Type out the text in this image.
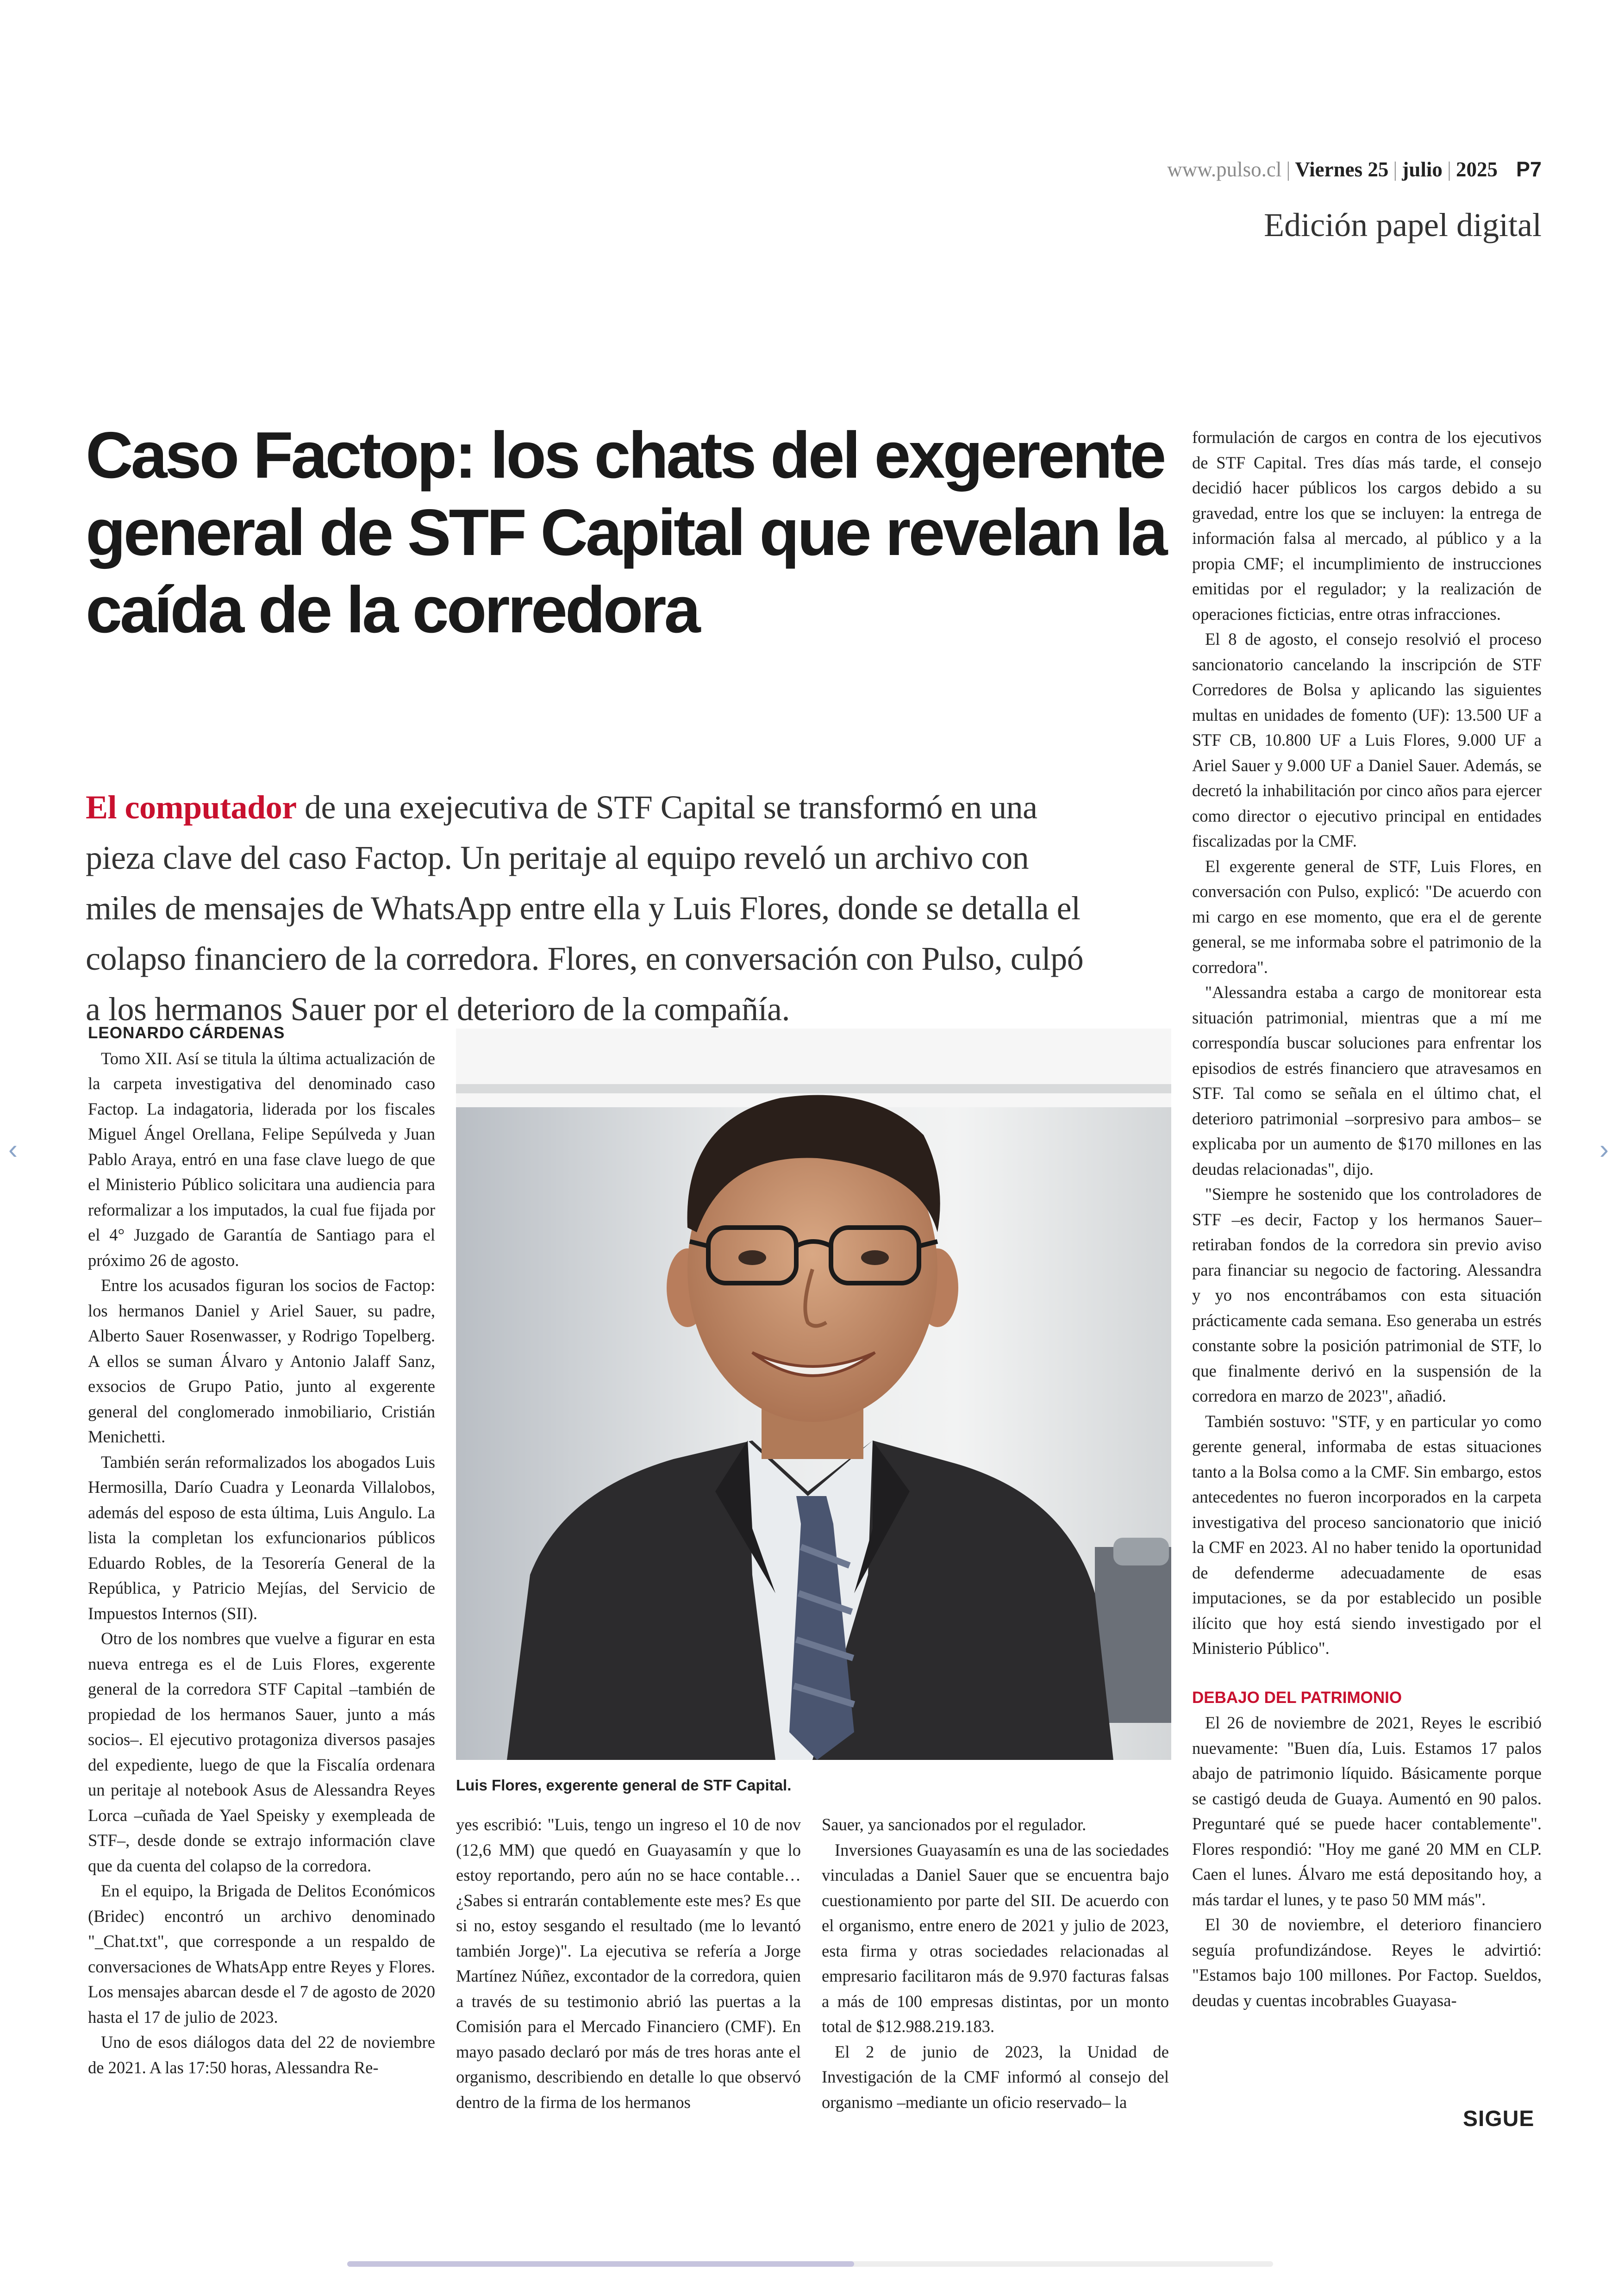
www.pulso.cl | Viernes 25 | julio | 2025 P7
Edición papel digital
Caso Factop: los chats del exgerente general de STF Capital que revelan la caída de la corredora
El computador de una exejecutiva de STF Capital se transformó en una pieza clave del caso Factop. Un peritaje al equipo reveló un archivo con miles de mensajes de WhatsApp entre ella y Luis Flores, donde se detalla el colapso financiero de la corredora. Flores, en conversación con Pulso, culpó a los hermanos Sauer por el deterioro de la compañía.

LEONARDO CÁRDENAS

Tomo XII. Así se titula la última actualización de la carpeta investigativa del denominado caso Factop. La indagatoria, liderada por los fiscales Miguel Ángel Orellana, Felipe Sepúlveda y Juan Pablo Araya, entró en una fase clave luego de que el Ministerio Público solicitara una audiencia para reformalizar a los imputados, la cual fue fijada por el 4° Juzgado de Garantía de Santiago para el próximo 26 de agosto.

Entre los acusados figuran los socios de Factop: los hermanos Daniel y Ariel Sauer, su padre, Alberto Sauer Rosenwasser, y Rodrigo Topelberg. A ellos se suman Álvaro y Antonio Jalaff Sanz, exsocios de Grupo Patio, junto al exgerente general del conglomerado inmobiliario, Cristián Menichetti.

También serán reformalizados los abogados Luis Hermosilla, Darío Cuadra y Leonarda Villalobos, además del esposo de esta última, Luis Angulo. La lista la completan los exfuncionarios públicos Eduardo Robles, de la Tesorería General de la República, y Patricio Mejías, del Servicio de Impuestos Internos (SII).

Otro de los nombres que vuelve a figurar en esta nueva entrega es el de Luis Flores, exgerente general de la corredora STF Capital –también de propiedad de los hermanos Sauer, junto a más socios–. El ejecutivo protagoniza diversos pasajes del expediente, luego de que la Fiscalía ordenara un peritaje al notebook Asus de Alessandra Reyes Lorca –cuñada de Yael Speisky y exempleada de STF–, desde donde se extrajo información clave que da cuenta del colapso de la corredora.

En el equipo, la Brigada de Delitos Económicos (Bridec) encontró un archivo denominado "_Chat.txt", que corresponde a un respaldo de conversaciones de WhatsApp entre Reyes y Flores. Los mensajes abarcan desde el 7 de agosto de 2020 hasta el 17 de julio de 2023.

Uno de esos diálogos data del 22 de noviembre de 2021. A las 17:50 horas, Alessandra Re-

Luis Flores, exgerente general de STF Capital.

yes escribió: "Luis, tengo un ingreso el 10 de nov (12,6 MM) que quedó en Guayasamín y que lo estoy reportando, pero aún no se hace contable… ¿Sabes si entrarán contablemente este mes? Es que si no, estoy sesgando el resultado (me lo levantó también Jorge)". La ejecutiva se refería a Jorge Martínez Núñez, excontador de la corredora, quien a través de su testimonio abrió las puertas a la Comisión para el Mercado Financiero (CMF). En mayo pasado declaró por más de tres horas ante el organismo, describiendo en detalle lo que observó dentro de la firma de los hermanos

Sauer, ya sancionados por el regulador.

Inversiones Guayasamín es una de las sociedades vinculadas a Daniel Sauer que se encuentra bajo cuestionamiento por parte del SII. De acuerdo con el organismo, entre enero de 2021 y julio de 2023, esta firma y otras sociedades relacionadas al empresario facilitaron más de 9.970 facturas falsas a más de 100 empresas distintas, por un monto total de $12.988.219.183.

El 2 de junio de 2023, la Unidad de Investigación de la CMF informó al consejo del organismo –mediante un oficio reservado– la

formulación de cargos en contra de los ejecutivos de STF Capital. Tres días más tarde, el consejo decidió hacer públicos los cargos debido a su gravedad, entre los que se incluyen: la entrega de información falsa al mercado, al público y a la propia CMF; el incumplimiento de instrucciones emitidas por el regulador; y la realización de operaciones ficticias, entre otras infracciones.

El 8 de agosto, el consejo resolvió el proceso sancionatorio cancelando la inscripción de STF Corredores de Bolsa y aplicando las siguientes multas en unidades de fomento (UF): 13.500 UF a STF CB, 10.800 UF a Luis Flores, 9.000 UF a Ariel Sauer y 9.000 UF a Daniel Sauer. Además, se decretó la inhabilitación por cinco años para ejercer como director o ejecutivo principal en entidades fiscalizadas por la CMF.

El exgerente general de STF, Luis Flores, en conversación con Pulso, explicó: "De acuerdo con mi cargo en ese momento, que era el de gerente general, se me informaba sobre el patrimonio de la corredora".

"Alessandra estaba a cargo de monitorear esta situación patrimonial, mientras que a mí me correspondía buscar soluciones para enfrentar los episodios de estrés financiero que atravesamos en STF. Tal como se señala en el último chat, el deterioro patrimonial –sorpresivo para ambos– se explicaba por un aumento de $170 millones en las deudas relacionadas", dijo.

"Siempre he sostenido que los controladores de STF –es decir, Factop y los hermanos Sauer– retiraban fondos de la corredora sin previo aviso para financiar su negocio de factoring. Alessandra y yo nos encontrábamos con esta situación prácticamente cada semana. Eso generaba un estrés constante sobre la posición patrimonial de STF, lo que finalmente derivó en la suspensión de la corredora en marzo de 2023", añadió.

También sostuvo: "STF, y en particular yo como gerente general, informaba de estas situaciones tanto a la Bolsa como a la CMF. Sin embargo, estos antecedentes no fueron incorporados en la carpeta investigativa del proceso sancionatorio que inició la CMF en 2023. Al no haber tenido la oportunidad de defenderme adecuadamente de esas imputaciones, se da por establecido un posible ilícito que hoy está siendo investigado por el Ministerio Público".

DEBAJO DEL PATRIMONIO

El 26 de noviembre de 2021, Reyes le escribió nuevamente: "Buen día, Luis. Estamos 17 palos abajo de patrimonio líquido. Básicamente porque se castigó deuda de Guaya. Aumentó en 90 palos. Preguntaré qué se puede hacer contablemente". Flores respondió: "Hoy me gané 20 MM en CLP. Caen el lunes. Álvaro me está depositando hoy, a más tardar el lunes, y te paso 50 MM más".

El 30 de noviembre, el deterioro financiero seguía profundizándose. Reyes le advirtió: "Estamos bajo 100 millones. Por Factop. Sueldos, deudas y cuentas incobrables Guayasa-

SIGUE
‹	›
